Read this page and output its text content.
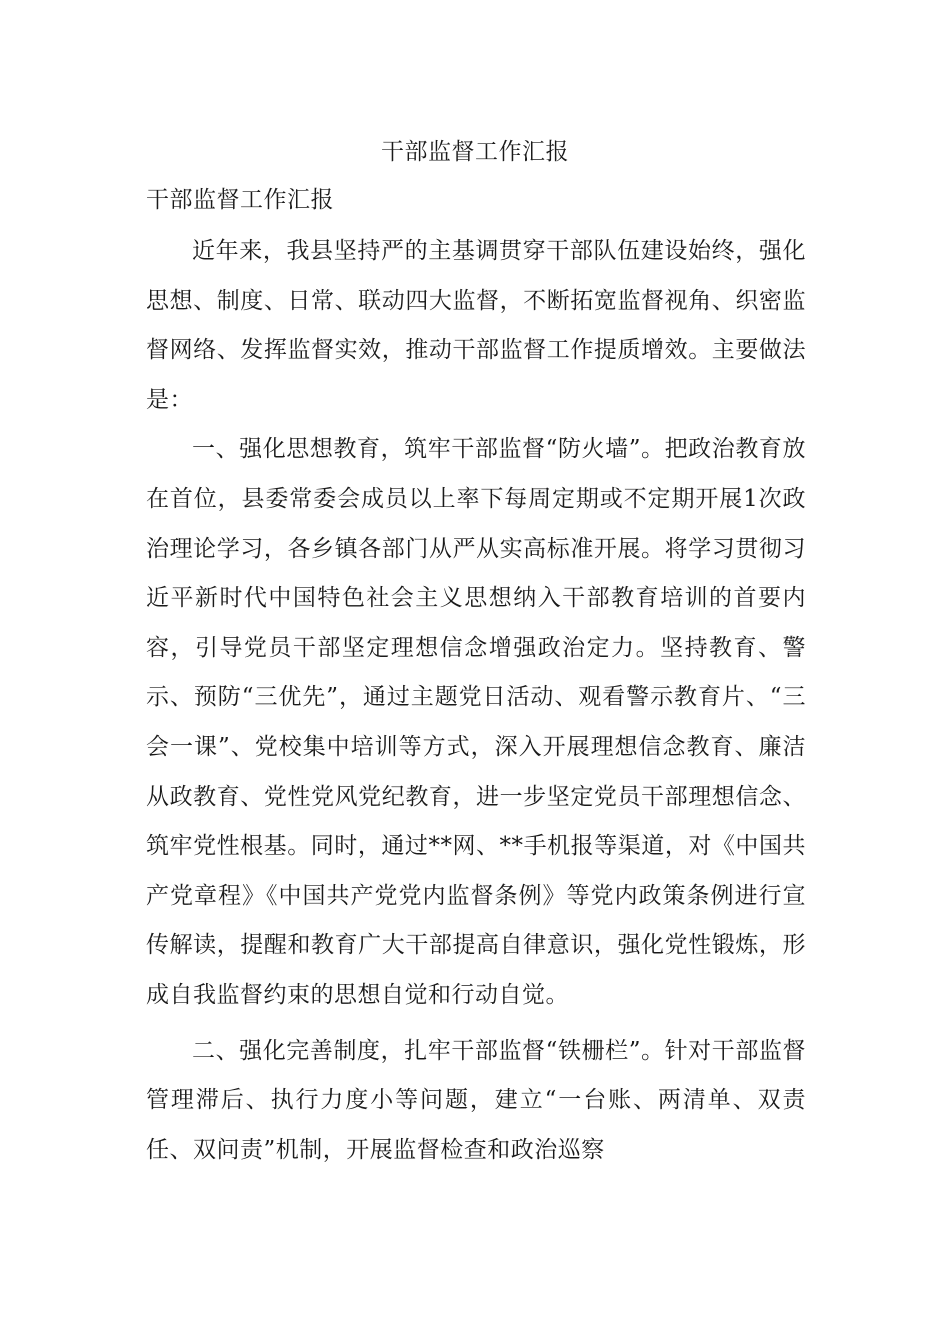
干部监督工作汇报
干部监督工作汇报

近年来，我县坚持严的主基调贯穿干部队伍建设始终，强化思想、制度、日常、联动四大监督，不断拓宽监督视角、织密监督网络、发挥监督实效，推动干部监督工作提质增效。主要做法是：

一、强化思想教育，筑牢干部监督“防火墙”。把政治教育放在首位，县委常委会成员以上率下每周定期或不定期开展1次政治理论学习，各乡镇各部门从严从实高标准开展。将学习贯彻习近平新时代中国特色社会主义思想纳入干部教育培训的首要内容，引导党员干部坚定理想信念增强政治定力。坚持教育、警示、预防“三优先”，通过主题党日活动、观看警示教育片、“三会一课”、党校集中培训等方式，深入开展理想信念教育、廉洁从政教育、党性党风党纪教育，进一步坚定党员干部理想信念、筑牢党性根基。同时，通过**网、**手机报等渠道，对《中国共产党章程》《中国共产党党内监督条例》等党内政策条例进行宣传解读，提醒和教育广大干部提高自律意识，强化党性锻炼，形成自我监督约束的思想自觉和行动自觉。

二、强化完善制度，扎牢干部监督“铁栅栏”。针对干部监督管理滞后、执行力度小等问题，建立“一台账、两清单、双责任、双问责”机制，开展监督检查和政治巡察
